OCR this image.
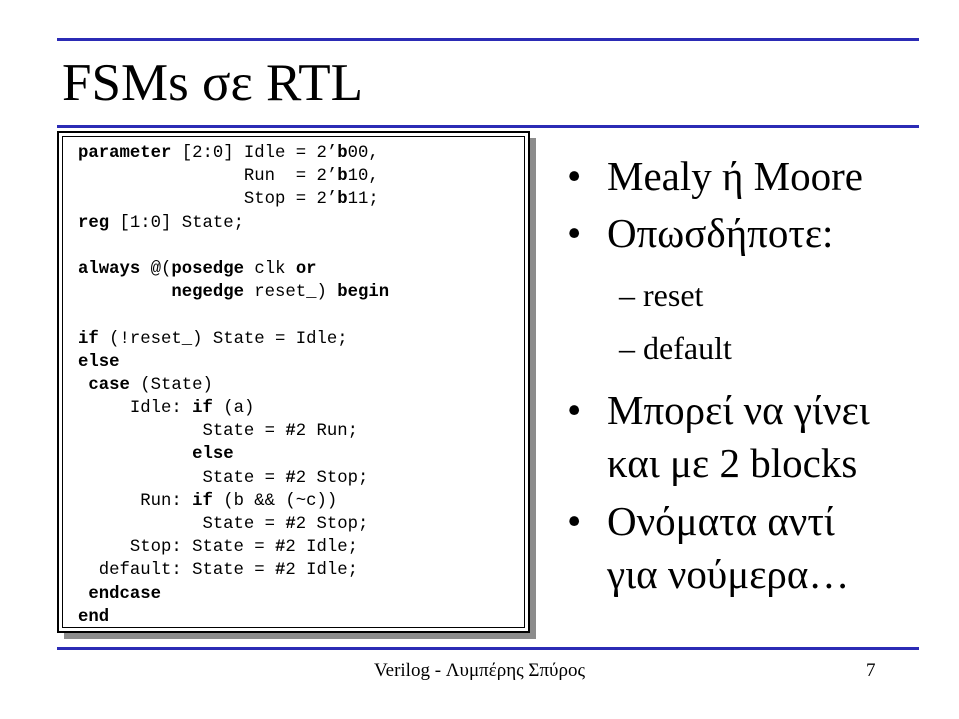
FSMs σε RTL
parameter [2:0] Idle = 2’b00,
Run  = 2’b10,
Stop = 2’b11;
reg [1:0] State;
always @(posedge clk or
negedge reset_) begin
if (!reset_) State = Idle;
else
case (State)
Idle: if (a)
State = #2 Run;
else
State = #2 Stop;
Run: if (b && (~c))
State = #2 Stop;
Stop: State = #2 Idle;
default: State = #2 Idle;
endcase
end
• Mealy ή Moore
• Οπωσδήποτε:
– reset
– default
• Μπορεί να γίνει
και με 2 blocks
• Ονόματα αντί
για νούμερα…
Verilog - Λυμπέρης Σπύρος	7
